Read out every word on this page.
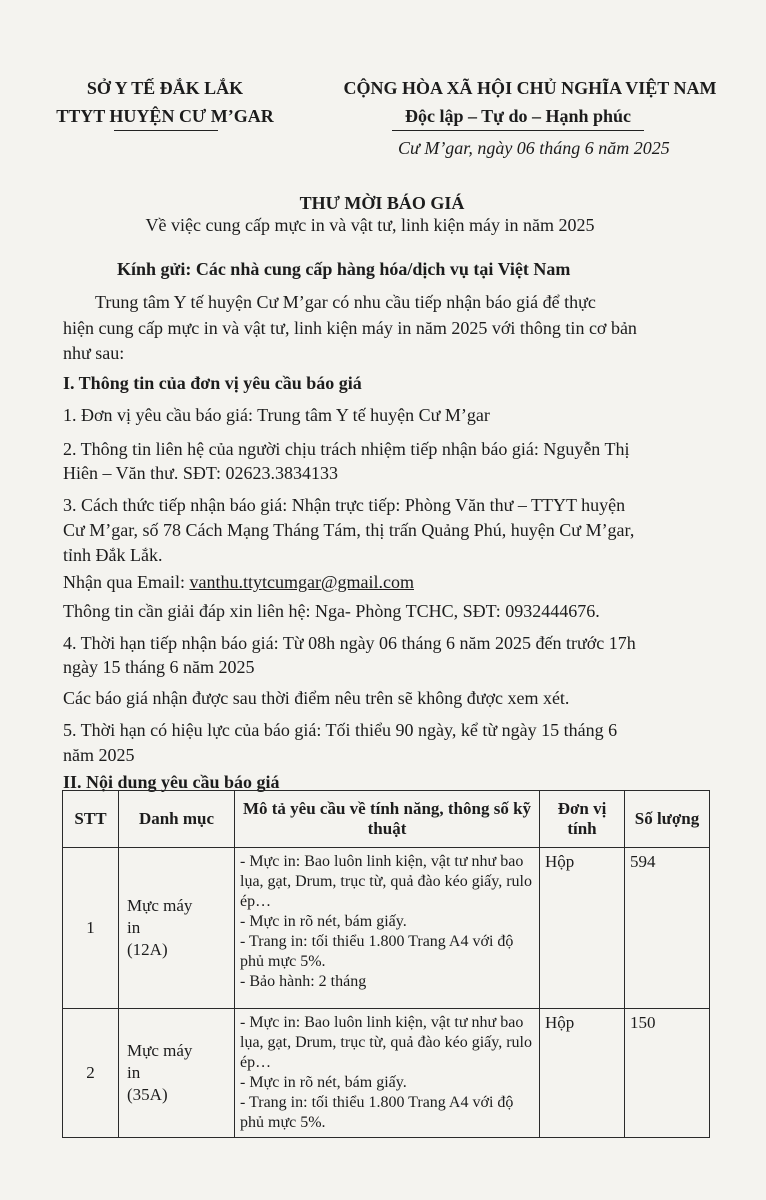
SỞ Y TẾ ĐẮK LẮK

TTYT HUYỆN CƯ M’GAR

CỘNG HÒA XÃ HỘI CHỦ NGHĨA VIỆT NAM

Độc lập – Tự do – Hạnh phúc

Cư M’gar, ngày 06 tháng 6 năm 2025

THƯ MỜI BÁO GIÁ

Về việc cung cấp mực in và vật tư, linh kiện máy in năm 2025

Kính gửi: Các nhà cung cấp hàng hóa/dịch vụ tại Việt Nam

Trung tâm Y tế huyện Cư M’gar có nhu cầu tiếp nhận báo giá để thực

hiện cung cấp mực in và vật tư, linh kiện máy in năm 2025 với thông tin cơ bản

như sau:

I. Thông tin của đơn vị yêu cầu báo giá

1. Đơn vị yêu cầu báo giá: Trung tâm Y tế huyện Cư M’gar

2. Thông tin liên hệ của người chịu trách nhiệm tiếp nhận báo giá: Nguyễn Thị

Hiên – Văn thư. SĐT: 02623.3834133

3. Cách thức tiếp nhận báo giá: Nhận trực tiếp: Phòng Văn thư – TTYT huyện

Cư M’gar, số 78 Cách Mạng Tháng Tám, thị trấn Quảng Phú, huyện Cư M’gar,

tỉnh Đắk Lắk.

Nhận qua Email: vanthu.ttytcumgar@gmail.com

Thông tin cần giải đáp xin liên hệ: Nga- Phòng TCHC, SĐT: 0932444676.

4. Thời hạn tiếp nhận báo giá: Từ 08h ngày 06 tháng 6 năm 2025 đến trước 17h

ngày 15 tháng 6 năm 2025

Các báo giá nhận được sau thời điểm nêu trên sẽ không được xem xét.

5. Thời hạn có hiệu lực của báo giá: Tối thiểu 90 ngày, kể từ ngày 15 tháng 6

năm 2025

II. Nội dung yêu cầu báo giá

STT	Danh mục	Mô tả yêu cầu về tính năng, thông số kỹ thuật	Đơn vị tính	Số lượng
1	Mực máy
in
(12A)	- Mực in: Bao luôn linh kiện, vật tư như bao lụa, gạt, Drum, trục từ, quả đào kéo giấy, rulo ép…
- Mực in rõ nét, bám giấy.
- Trang in: tối thiểu 1.800 Trang A4 với độ phủ mực 5%.
- Bảo hành: 2 tháng	Hộp	594
2	Mực máy
in
(35A)	- Mực in: Bao luôn linh kiện, vật tư như bao lụa, gạt, Drum, trục từ, quả đào kéo giấy, rulo ép…
- Mực in rõ nét, bám giấy.
- Trang in: tối thiểu 1.800 Trang A4 với độ phủ mực 5%.	Hộp	150
